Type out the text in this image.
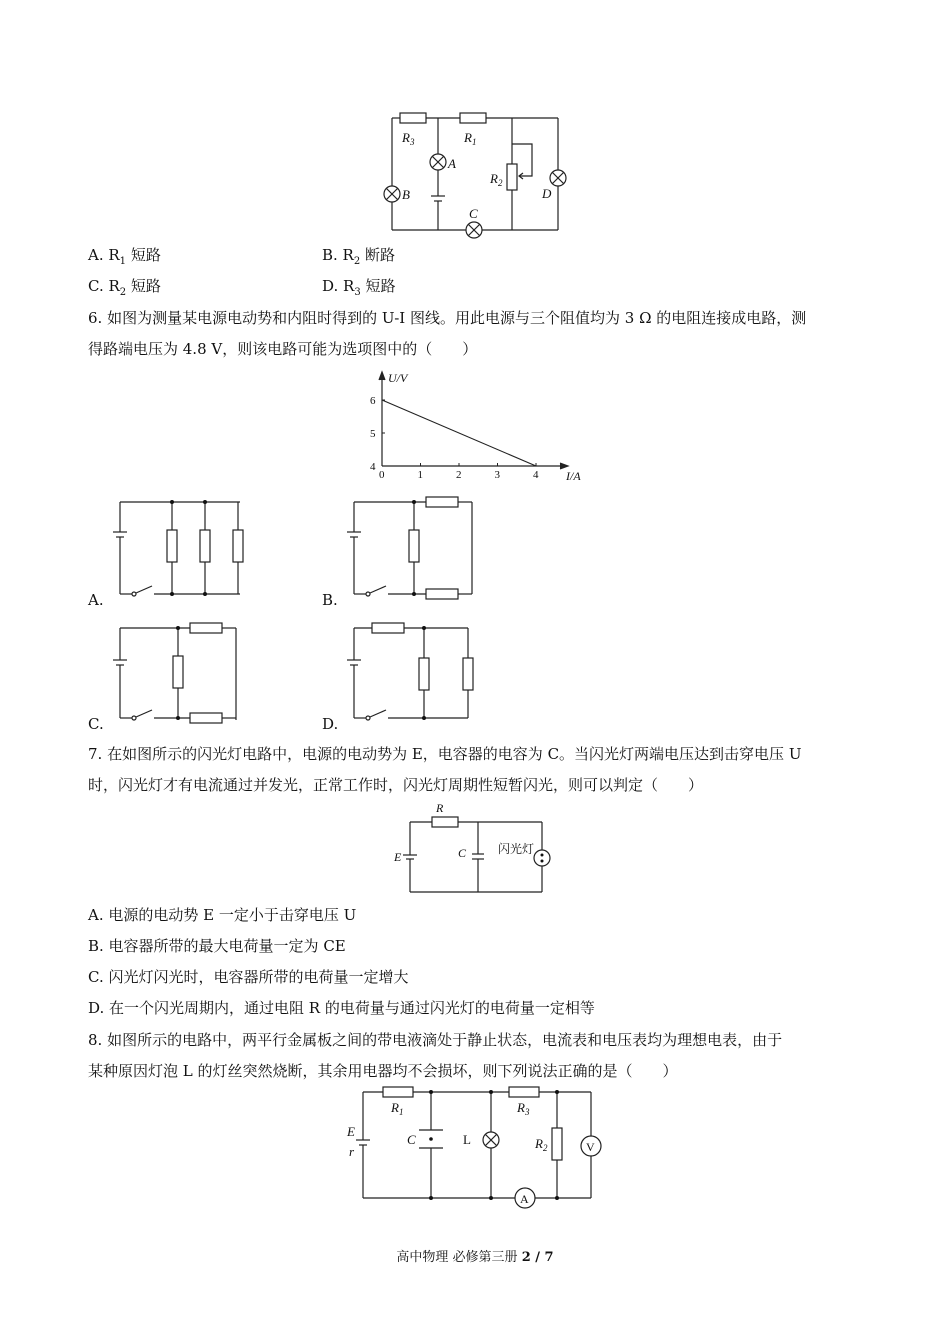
$R_3$	$R_1$
$R_2$
A
B
C
D
A. $R_1$ 短路	B. $R_2$ 断路
C. $R_2$ 短路	D. $R_3$ 短路
6. 如图为测量某电源电动势和内阻时得到的 U-I 图线。用此电源与三个阻值均为 3 Ω 的电阻连接成电路，测
得路端电压为 4.8 V，则该电路可能为选项图中的（　　）
0	1	2	3	4
4
5
6
U/V
I/A
A.	B.
C.	D.
7. 在如图所示的闪光灯电路中，电源的电动势为 E，电容器的电容为 C。当闪光灯两端电压达到击穿电压 U
时，闪光灯才有电流通过并发光，正常工作时，闪光灯周期性短暂闪光，则可以判定（　　）
R
E	C	闪光灯
A. 电源的电动势 E 一定小于击穿电压 U
B. 电容器所带的最大电荷量一定为 CE
C. 闪光灯闪光时，电容器所带的电荷量一定增大
D. 在一个闪光周期内，通过电阻 R 的电荷量与通过闪光灯的电荷量一定相等
8. 如图所示的电路中，两平行金属板之间的带电液滴处于静止状态，电流表和电压表均为理想电表，由于
某种原因灯泡 L 的灯丝突然烧断，其余用电器均不会损坏，则下列说法正确的是（　　）
E
r
$R_1$
C	L
$R_3$
$R_2$	V
A
高中物理 必修第三册 2 / 7
